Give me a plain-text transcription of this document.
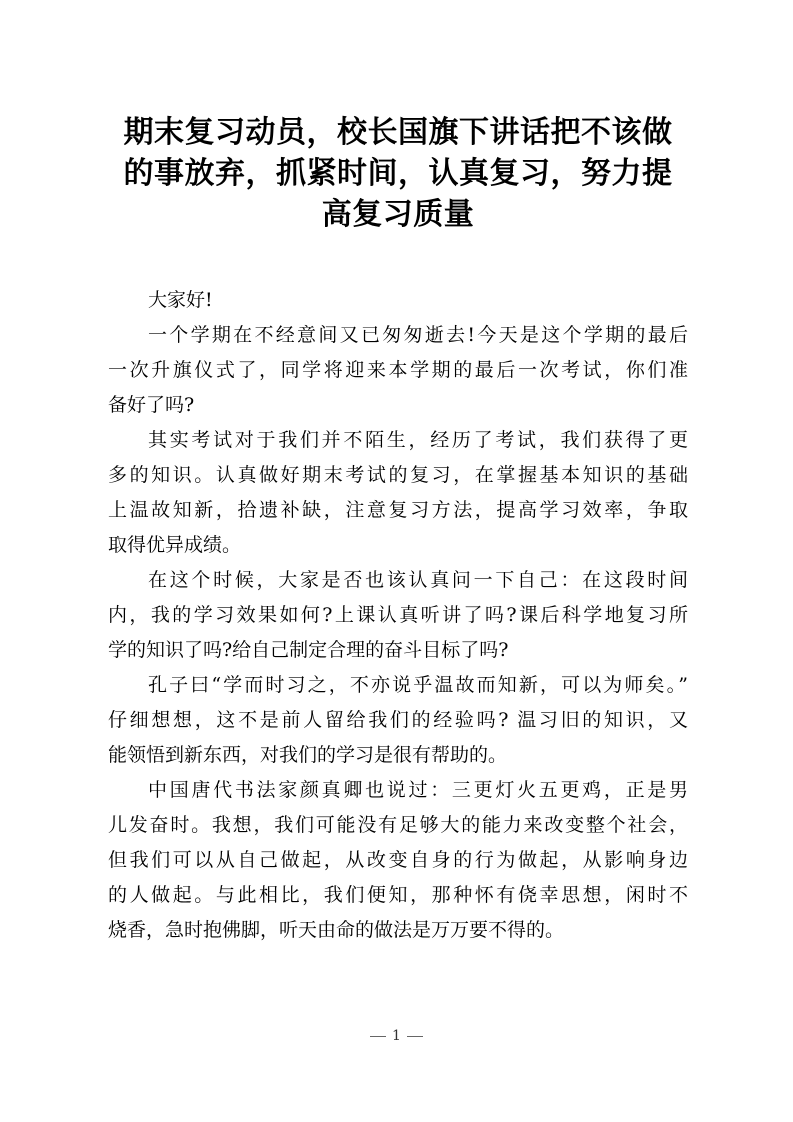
期末复习动员，校长国旗下讲话把不该做
的事放弃，抓紧时间，认真复习，努力提
高复习质量
大家好!
一个学期在不经意间又已匆匆逝去!今天是这个学期的最后
一次升旗仪式了，同学将迎来本学期的最后一次考试，你们准
备好了吗?
其实考试对于我们并不陌生，经历了考试，我们获得了更
多的知识。认真做好期末考试的复习，在掌握基本知识的基础
上温故知新，拾遗补缺，注意复习方法，提高学习效率，争取
取得优异成绩。
在这个时候，大家是否也该认真问一下自己：在这段时间
内，我的学习效果如何?上课认真听讲了吗?课后科学地复习所
学的知识了吗?给自己制定合理的奋斗目标了吗?
孔子曰“学而时习之，不亦说乎温故而知新，可以为师矣。”
仔细想想，这不是前人留给我们的经验吗? 温习旧的知识，又
能领悟到新东西，对我们的学习是很有帮助的。
中国唐代书法家颜真卿也说过：三更灯火五更鸡，正是男
儿发奋时。我想，我们可能没有足够大的能力来改变整个社会，
但我们可以从自己做起，从改变自身的行为做起，从影响身边
的人做起。与此相比，我们便知，那种怀有侥幸思想，闲时不
烧香，急时抱佛脚，听天由命的做法是万万要不得的。
1
